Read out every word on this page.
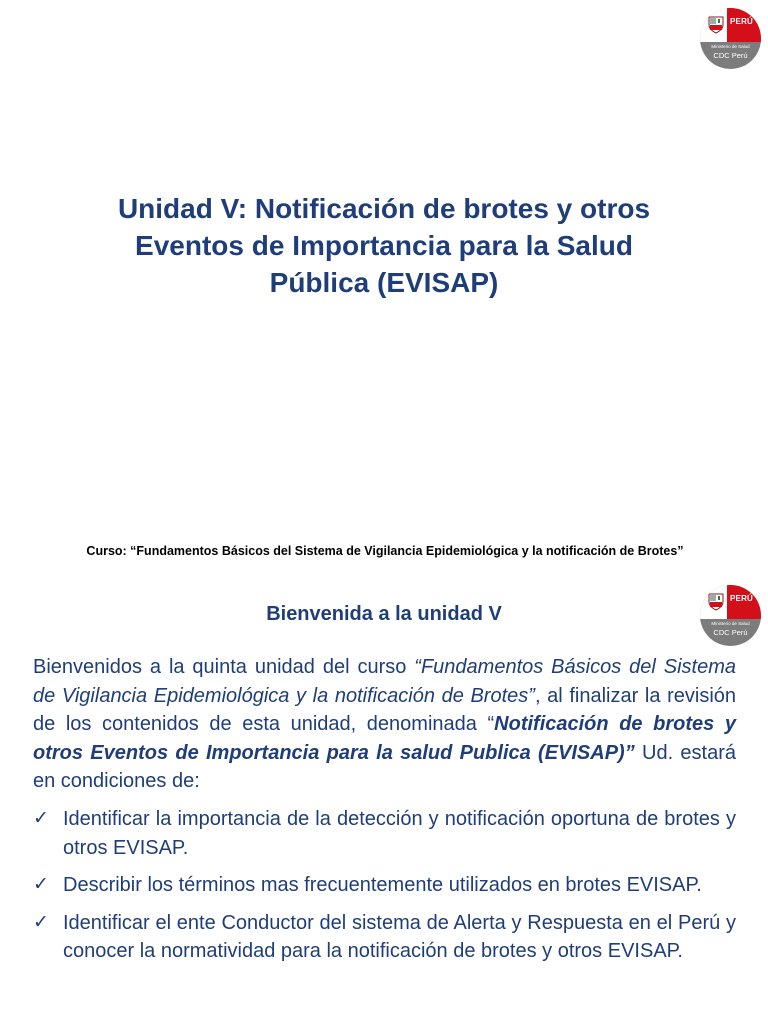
PERÚ
Ministerio de Salud
CDC Perú
Unidad V: Notificación de brotes y otros
Eventos de Importancia para la Salud
Pública (EVISAP)
Curso: “Fundamentos Básicos del Sistema de Vigilancia Epidemiológica y la notificación de Brotes”
PERÚ
Ministerio de Salud
CDC Perú
Bienvenida a la unidad V
Bienvenidos a la quinta unidad del curso “Fundamentos Básicos del Sistema de Vigilancia Epidemiológica y la notificación de Brotes”, al finalizar la revisión de los contenidos de esta unidad, denominada “Notificación de brotes y otros Eventos de Importancia para la salud Publica (EVISAP)” Ud. estará en condiciones de:
✓ Identificar la importancia de la detección y notificación oportuna de brotes y otros EVISAP.
✓ Describir los términos mas frecuentemente utilizados en brotes EVISAP.
✓ Identificar el ente Conductor del sistema de Alerta y Respuesta en el Perú y conocer la normatividad para la notificación de brotes y otros EVISAP.
